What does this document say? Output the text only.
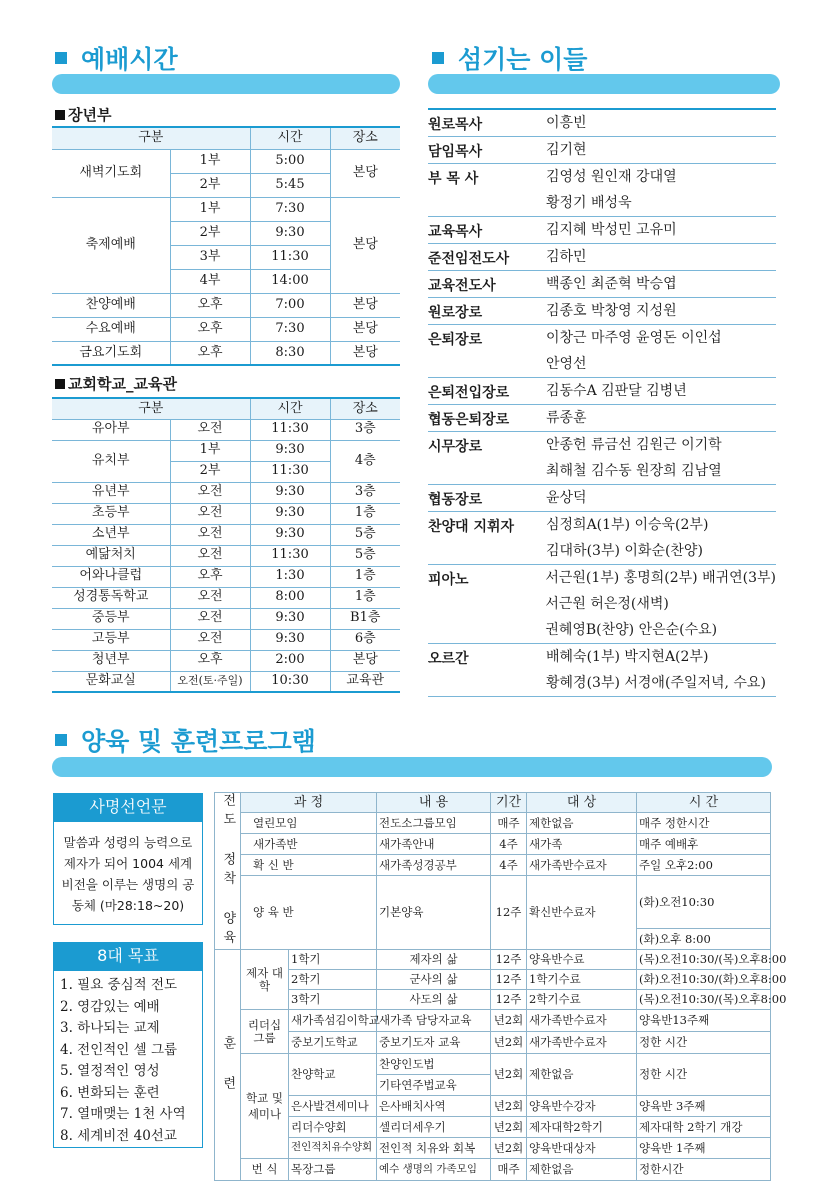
예배시간
장년부
구분		시간	장소
새벽기도회	1부	5:00	본당
	2부	5:45	
축제예배	1부	7:30	본당
	2부	9:30	
	3부	11:30	
	4부	14:00	
찬양예배	오후	7:00	본당
수요예배	오후	7:30	본당
금요기도회	오후	8:30	본당
교회학교_교육관
구분		시간	장소
유아부	오전	11:30	3층
유치부	1부	9:30	4층
	2부	11:30	
유년부	오전	9:30	3층
초등부	오전	9:30	1층
소년부	오전	9:30	5층
예닮처치	오전	11:30	5층
어와나클럽	오후	1:30	1층
성경통독학교	오전	8:00	1층
중등부	오전	9:30	B1층
고등부	오전	9:30	6층
청년부	오후	2:00	본당
문화교실	오전(토·주일)	10:30	교육관
섬기는 이들
원로목사	이흥빈
담임목사	김기현
부 목 사	김영성 원인재 강대열
황정기 배성욱
교육목사	김지혜 박성민 고유미
준전임전도사	김하민
교육전도사	백종인 최준혁 박승엽
원로장로	김종호 박창영 지성원
은퇴장로	이창근 마주영 윤영돈 이인섭
안영선
은퇴전입장로	김동수A 김판달 김병년
협동은퇴장로	류종훈
시무장로	안종헌 류금선 김원근 이기학
최해철 김수동 원장희 김남열
협동장로	윤상덕
찬양대 지휘자	심정희A(1부) 이승욱(2부)
김대하(3부) 이화순(찬양)
피아노	서근원(1부) 홍명희(2부) 배귀연(3부)
서근원 허은정(새벽)
권혜영B(찬양) 안은순(수요)
오르간	배혜숙(1부) 박지현A(2부)
황혜경(3부) 서경애(주일저녁, 수요)
양육 및 훈련프로그램
사명선언문
말씀과 성령의 능력으로 제자가 되어 1004 세계비전을 이루는 생명의 공동체 (마28:18~20)
8대 목표
1. 필요 중심적 전도
2. 영감있는 예배
3. 하나되는 교제
4. 전인적인 셀 그룹
5. 열정적인 영성
6. 변화되는 훈련
7. 열매맺는 1천 사역
8. 세계비전 40선교
전도 정착 양육	과 정		내 용	기간	대 상	시 간
	열린모임		전도소그룹모임	매주	제한없음	매주 정한시간
	새가족반		새가족안내	4주	새가족	매주 예배후
	확 신 반		새가족성경공부	4주	새가족반수료자	주일 오후2:00
	양 육 반		기본양육	12주	확신반수료자	(화)오전10:30
						(화)오후 8:00
훈 련	제자 대학	1학기	제자의 삶	12주	양육반수료	(목)오전10:30/(목)오후8:00
		2학기	군사의 삶	12주	1학기수료	(화)오전10:30/(화)오후8:00
		3학기	사도의 삶	12주	2학기수료	(목)오전10:30/(목)오후8:00
	리더십 그룹	새가족섬김이학교	새가족 담당자교육	년2회	새가족반수료자	양육반13주째
		중보기도학교	중보기도자 교육	년2회	새가족반수료자	정한 시간
	학교 및 세미나	찬양학교	찬양인도법	년2회	제한없음	정한 시간
			기타연주법교육			
		은사발견세미나	은사배치사역	년2회	양육반수강자	양육반 3주째
		리더수양회	셀리더세우기	년2회	제자대학2학기	제자대학 2학기 개강
		전인적치유수양회	전인적 치유와 회복	년2회	양육반대상자	양육반 1주째
	번 식	목장그룹	예수 생명의 가족모임	매주	제한없음	정한시간
